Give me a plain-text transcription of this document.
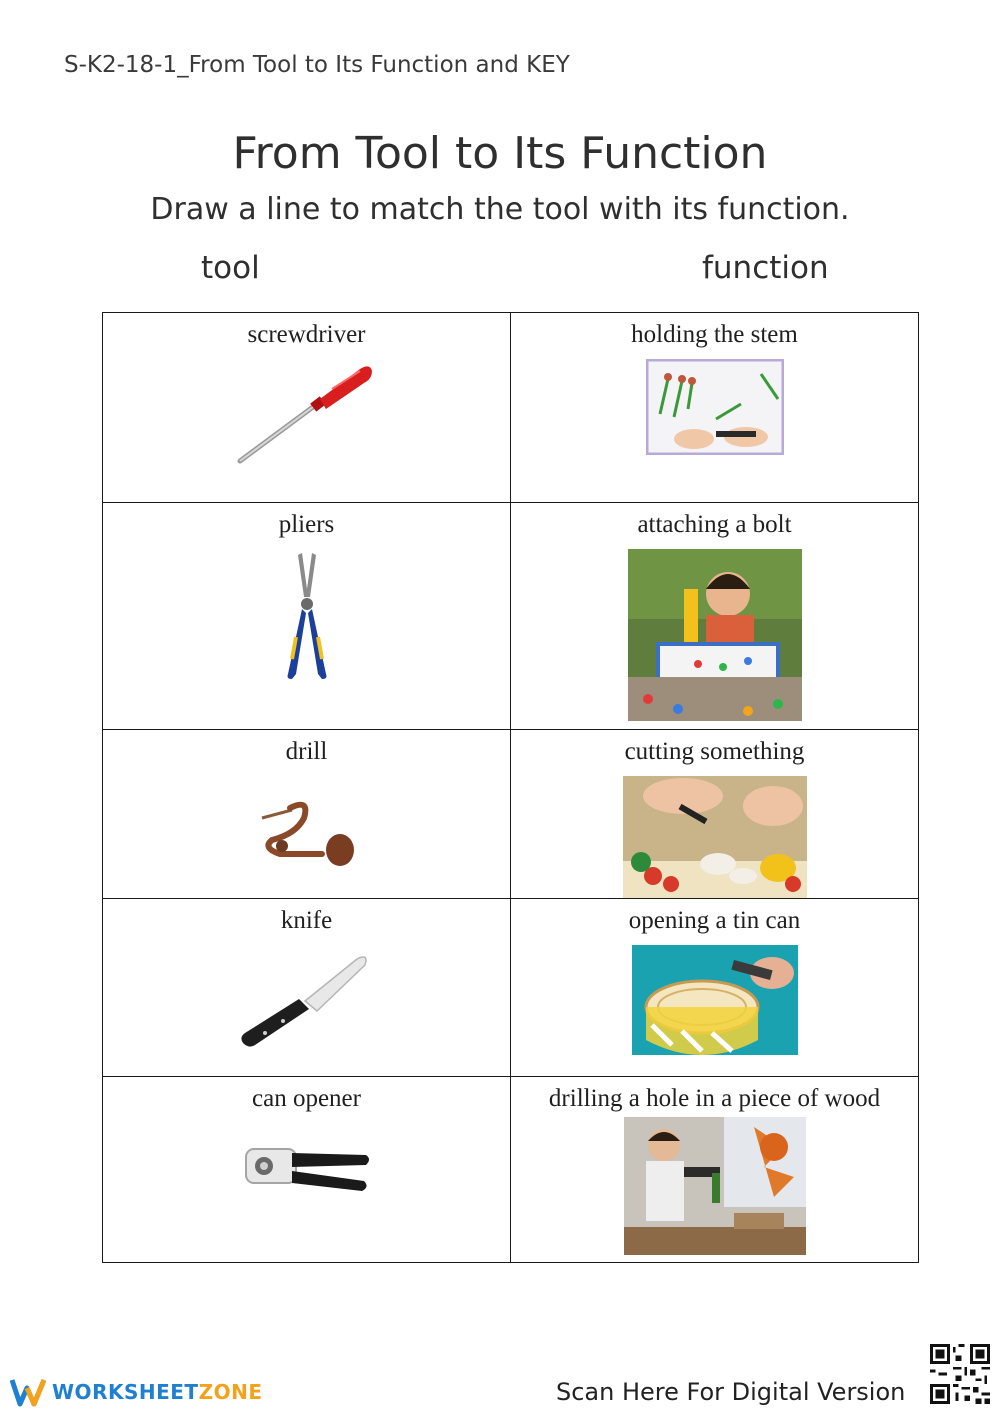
S-K2-18-1_From Tool to Its Function and KEY
From Tool to Its Function
Draw a line to match the tool with its function.
tool	function
screwdriver	holding the stem

pliers	attaching a bolt

drill	cutting something

knife	opening a tin can

can opener	drilling a hole in a piece of wood
WORKSHEETZONE	Scan Here For Digital Version
